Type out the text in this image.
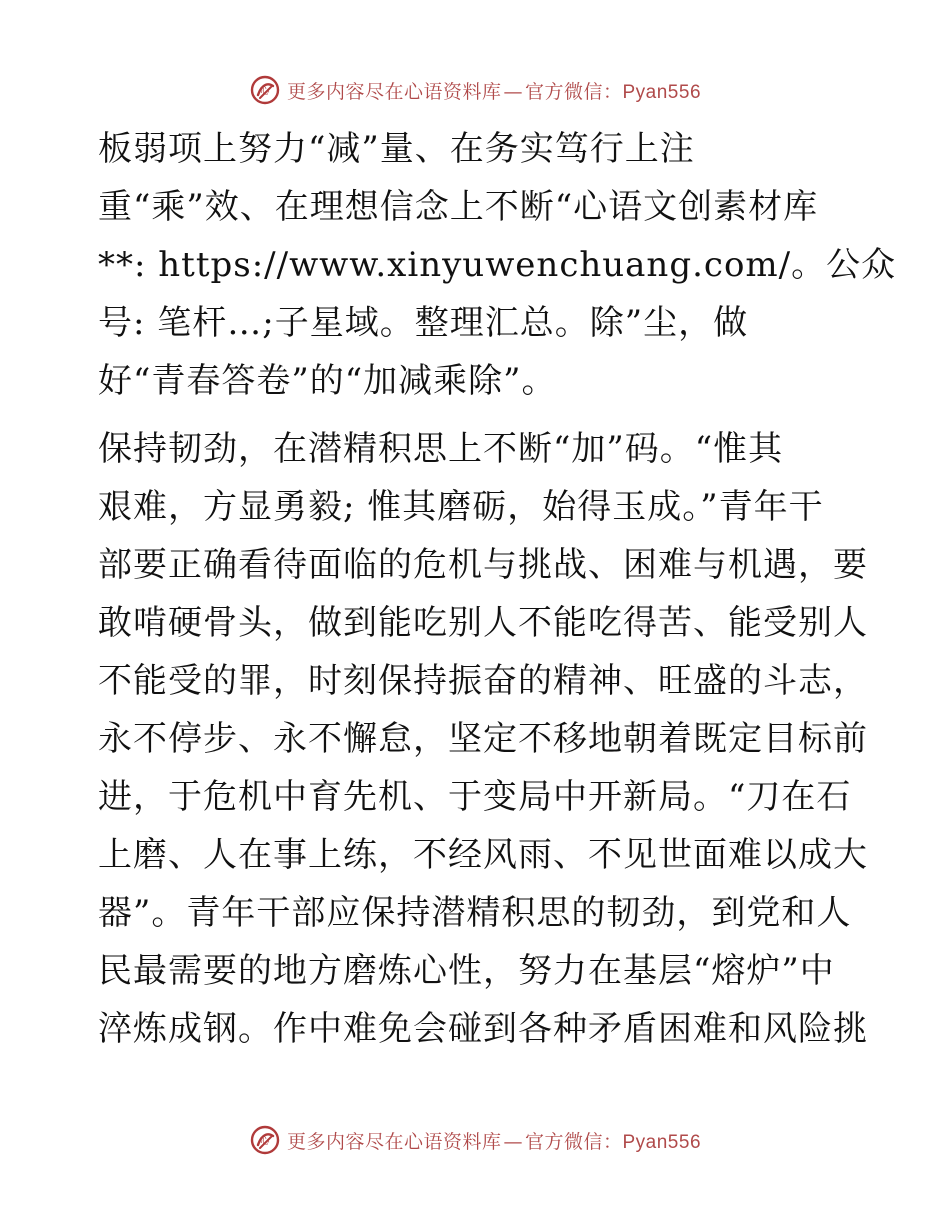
心 更多内容尽在心语资料库 — 官方微信：Pyan556
板弱项上努力“减”量、在务实笃行上注
重“乘”效、在理想信念上不断“心语文创素材库
**: https://www.xinyuwenchuang.com/。公众
号: 笔杆…;子星域。整理汇总。除”尘，做
好“青春答卷”的“加减乘除”。
保持韧劲，在潜精积思上不断“加”码。“惟其
艰难，方显勇毅; 惟其磨砺，始得玉成。”青年干
部要正确看待面临的危机与挑战、困难与机遇，要
敢啃硬骨头，做到能吃别人不能吃得苦、能受别人
不能受的罪，时刻保持振奋的精神、旺盛的斗志，
永不停步、永不懈怠，坚定不移地朝着既定目标前
进，于危机中育先机、于变局中开新局。“刀在石
上磨、人在事上练，不经风雨、不见世面难以成大
器”。青年干部应保持潜精积思的韧劲，到党和人
民最需要的地方磨炼心性，努力在基层“熔炉”中
淬炼成钢。作中难免会碰到各种矛盾困难和风险挑
心 更多内容尽在心语资料库 — 官方微信：Pyan556
